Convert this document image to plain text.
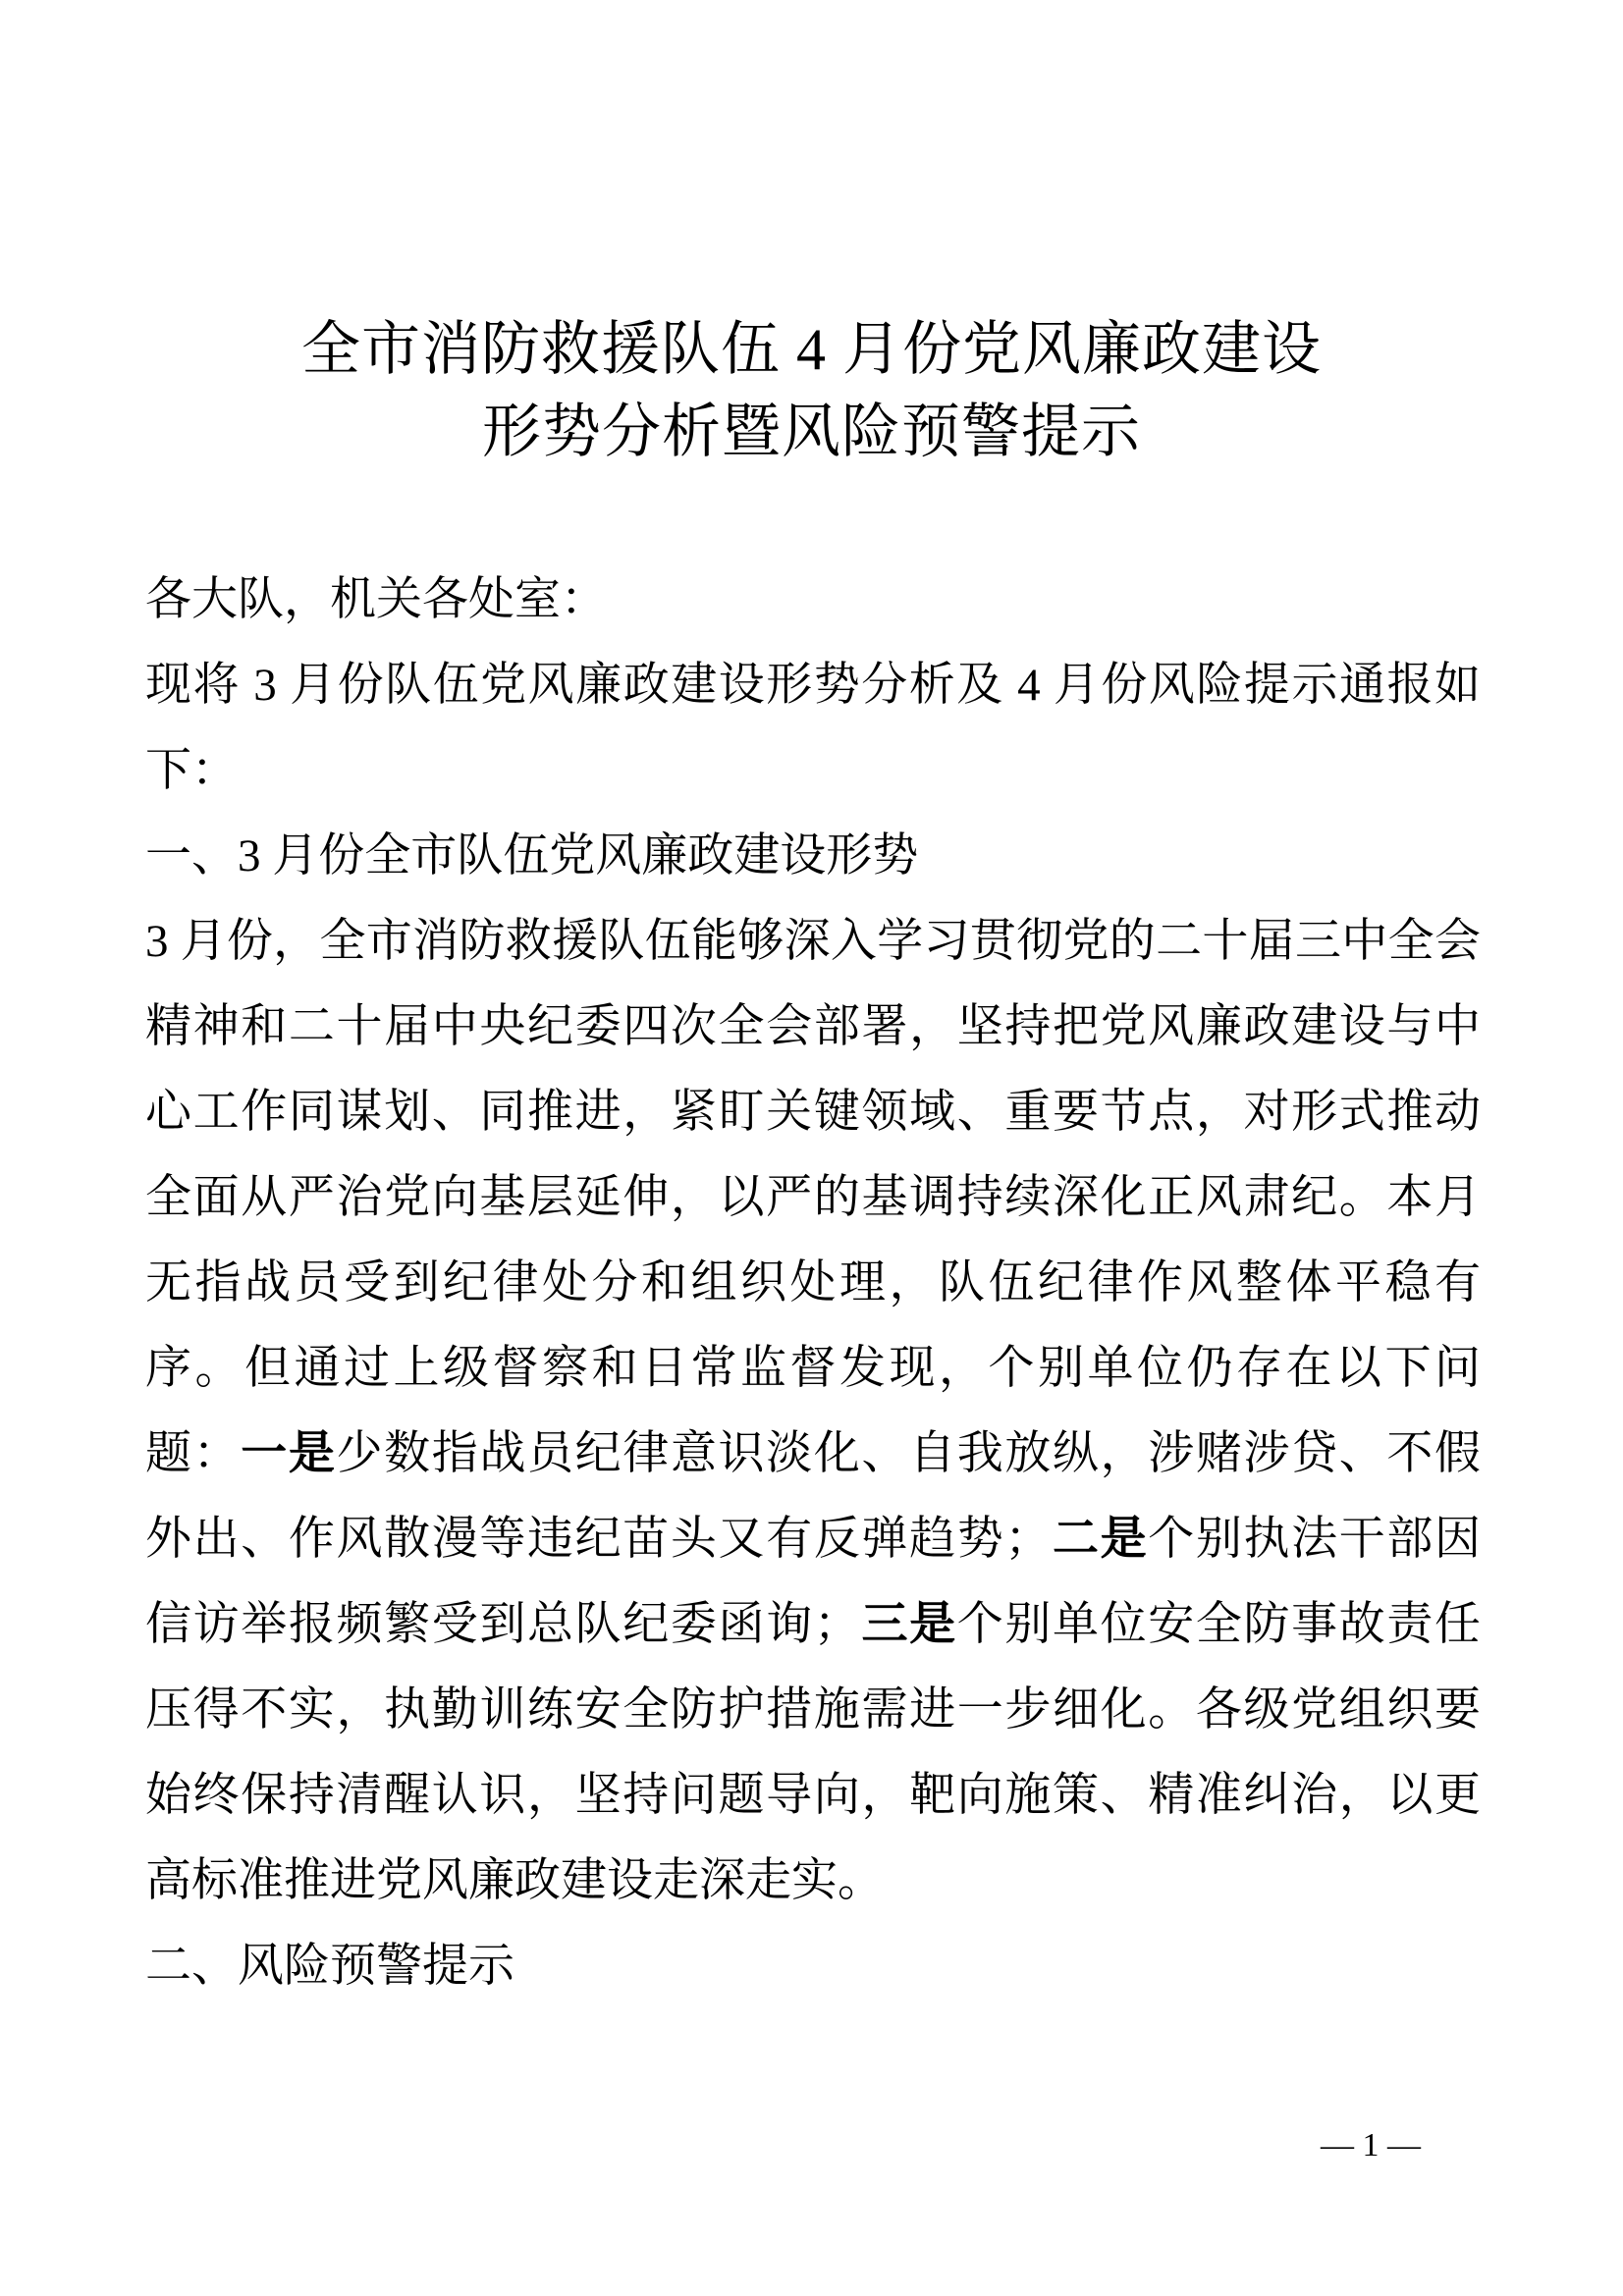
全市消防救援队伍 4 月份党风廉政建设
形势分析暨风险预警提示

各大队，机关各处室：

现将 3 月份队伍党风廉政建设形势分析及 4 月份风险提示通报如下：

一、3 月份全市队伍党风廉政建设形势

3 月份，全市消防救援队伍能够深入学习贯彻党的二十届三中全会精神和二十届中央纪委四次全会部署，坚持把党风廉政建设与中心工作同谋划、同推进，紧盯关键领域、重要节点，对形式推动全面从严治党向基层延伸，以严的基调持续深化正风肃纪。本月无指战员受到纪律处分和组织处理，队伍纪律作风整体平稳有序。但通过上级督察和日常监督发现，个别单位仍存在以下问题：一是少数指战员纪律意识淡化、自我放纵，涉赌涉贷、不假外出、作风散漫等违纪苗头又有反弹趋势；二是个别执法干部因信访举报频繁受到总队纪委函询；三是个别单位安全防事故责任压得不实，执勤训练安全防护措施需进一步细化。各级党组织要始终保持清醒认识，坚持问题导向，靶向施策、精准纠治，以更高标准推进党风廉政建设走深走实。

二、风险预警提示

— 1 —
